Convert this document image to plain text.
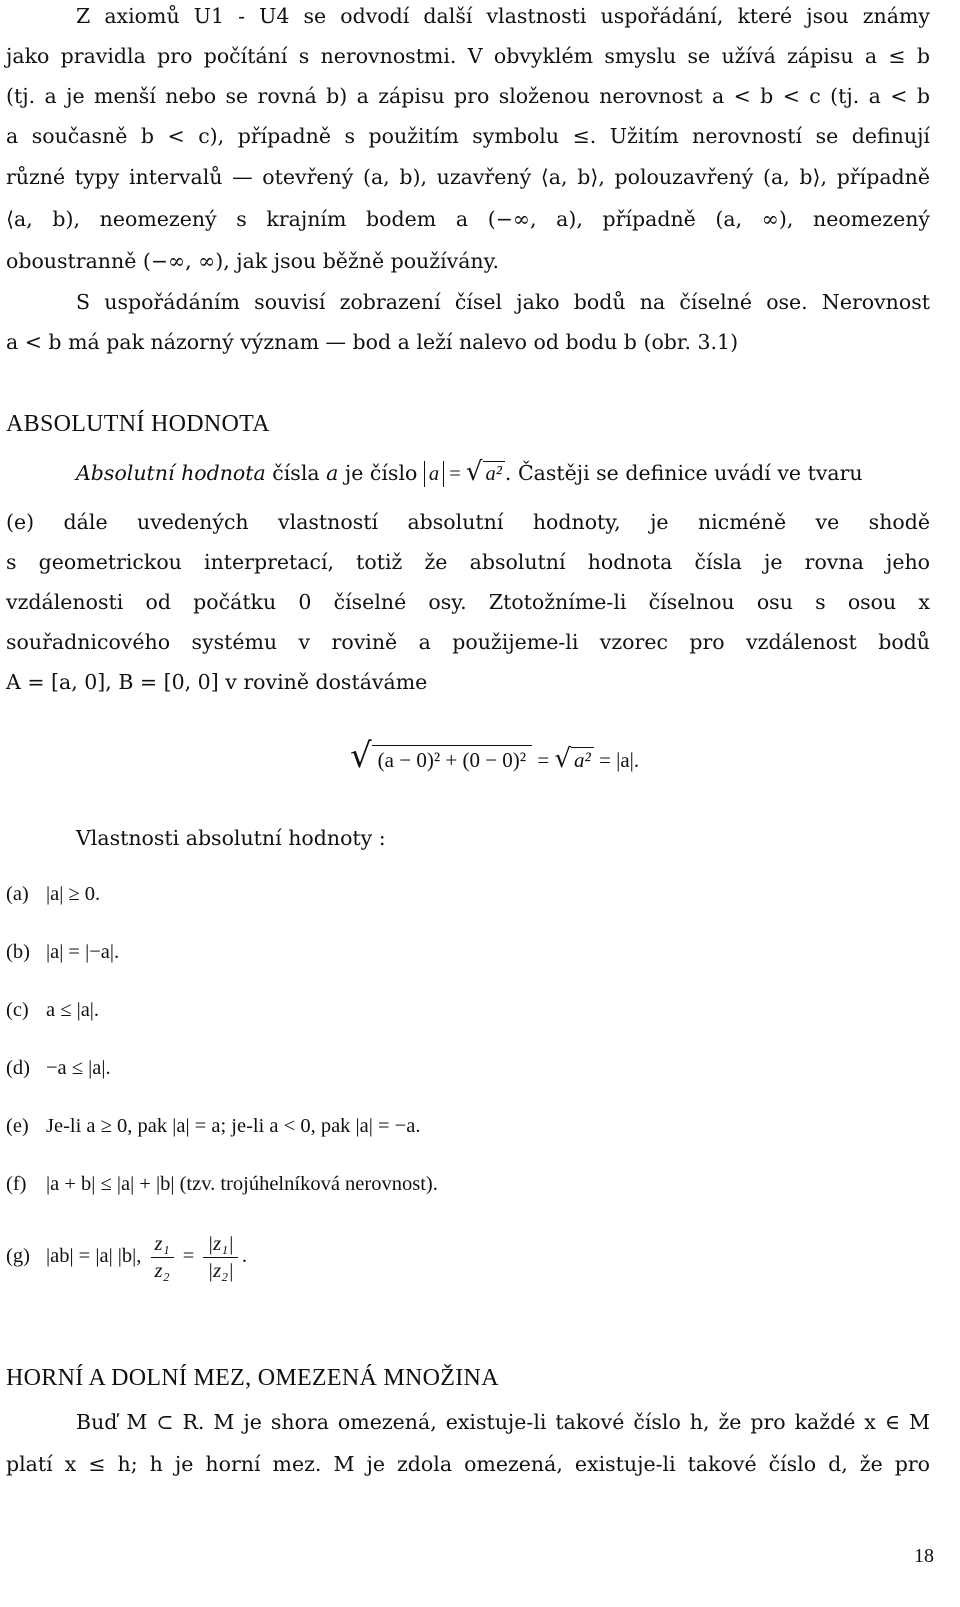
Z axiomů U1 - U4 se odvodí další vlastnosti uspořádání, které jsou známy
jako pravidla pro počítání s nerovnostmi. V obvyklém smyslu se užívá zápisu a ≤ b
(tj. a je menší nebo se rovná b) a zápisu pro složenou nerovnost a < b < c (tj. a < b
a současně b < c), případně s použitím symbolu ≤. Užitím nerovností se definují
různé typy intervalů — otevřený (a, b), uzavřený ⟨a, b⟩, polouzavřený (a, b⟩, případně
⟨a, b), neomezený s krajním bodem a (−∞, a), případně (a, ∞), neomezený
oboustranně (−∞, ∞), jak jsou běžně používány.
S uspořádáním souvisí zobrazení čísel jako bodů na číselné ose. Nerovnost
a < b má pak názorný význam — bod a leží nalevo od bodu b (obr. 3.1)
ABSOLUTNÍ HODNOTA
Absolutní hodnota čísla a je číslo a = √ a² . Častěji se definice uvádí ve tvaru
(e) dále uvedených vlastností absolutní hodnoty, je nicméně ve shodě
s geometrickou interpretací, totiž že absolutní hodnota čísla je rovna jeho
vzdálenosti od počátku 0 číselné osy. Ztotožníme-li číselnou osu s osou x
souřadnicového systému v rovině a použijeme-li vzorec pro vzdálenost bodů
A = [a, 0], B = [0, 0] v rovině dostáváme
√ (a − 0)² + (0 − 0)² = √ a² = |a|.
Vlastnosti absolutní hodnoty :
(a) |a| ≥ 0.
(b) |a| = |−a|.
(c) a ≤ |a|.
(d) −a ≤ |a|.
(e) Je-li a ≥ 0, pak |a| = a; je-li a < 0, pak |a| = −a.
(f) |a + b| ≤ |a| + |b| (tzv. trojúhelníková nerovnost).
(g) |ab| = |a| |b|, $\frac{\text{z₁}}{\text{z₂}} = \frac{\text{|z₁|}}{\text{|z₂|}}$ .
HORNÍ A DOLNÍ MEZ, OMEZENÁ MNOŽINA
Buď M ⊂ R. M je shora omezená, existuje-li takové číslo h, že pro každé x ∈ M
platí x ≤ h; h je horní mez. M je zdola omezená, existuje-li takové číslo d, že pro
18
